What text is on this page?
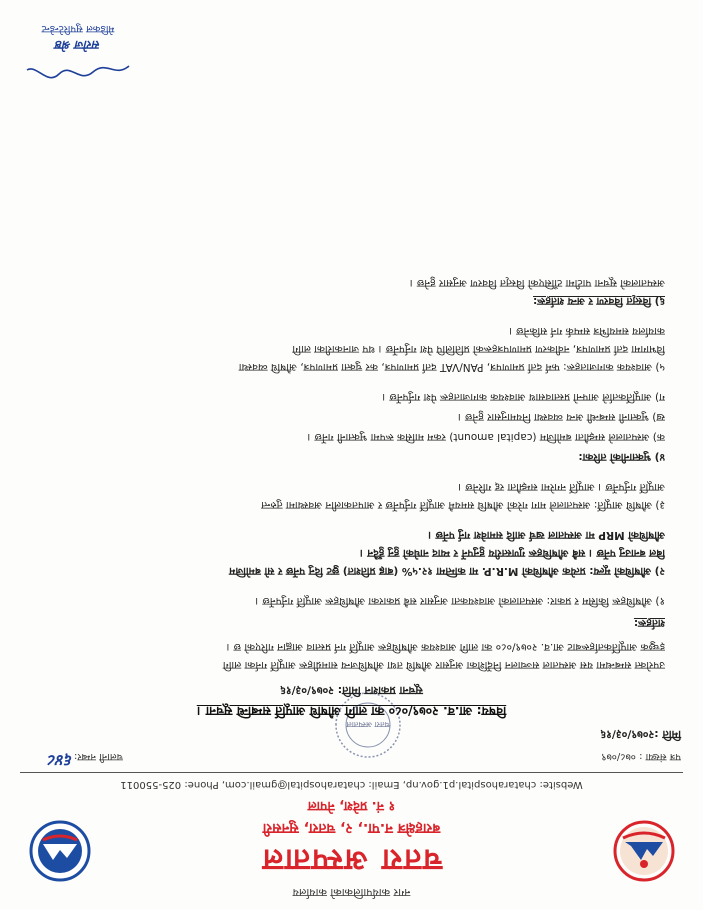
नगर कार्यपालिकाको कार्यालय
चतरा अस्पताल
बराहक्षेत्र न.पा., २, चतरा, सुनसरी
१ नं. प्रदेश, नेपाल
Website: chatarahospital.p1.gov.np, Email: chatarahospital@gmail.com, Phone: 025-550011
पत्र संख्या : ०७८/०७९
चलानी नम्बर:
६४८
मिति :२०७९/०३/१६
चतरा अस्पताल
विषय: आ.व. २०७९/०८० का लागि औषधि आपूर्ति सम्बन्धि सूचना ।
सूचना प्रकाशन मिति: २०७९/०३/१६
उपरोक्त सम्बन्धमा यस अस्पताल सञ्चालन निर्देशिका अनुसार औषधि तथा औषधिजन्य सामग्रीहरू आपूर्ति गर्नका लागि
इच्छुक आपूर्तिकर्ताहरूबाट आ.व. २०७९/०८० का लागि आवश्यक औषधिहरू आपूर्ति गर्न प्रस्ताव आह्वान गरिएको छ ।
शर्तहरू:
१) औषधिहरू किसिम र प्रकार: अस्पतालको आवश्यकता अनुसार सबै प्रकारका औषधिहरू आपूर्ति गर्नुपर्नेछ ।
२) औषधिको मूल्य: प्रत्येक औषधिको M.R.P. मा कम्तिमा १२.५% (बाह्र प्रतिशत) छुट दिनु पर्नेछ र सो बमोजिम
बिल बनाउनु पर्नेछ । सबै औषधिहरू गुणस्तरीय हुनुपर्ने र म्याद नाघेको हुनु हुँदैन ।
औषधिको MRP मा अस्पताल खर्च आदि समावेश गर्नु पर्नेछ ।
३) औषधि आपूर्ति: अस्पतालले माग गरेको औषधि समयमै आपूर्ति गर्नुपर्नेछ र आपतकालीन अवस्थामा तुरुन्त
आपूर्ति गर्नुपर्नेछ । आपूर्ति नगरेमा सम्झौता रद्द गरिनेछ ।
४) भुक्तानीको तरिका:
क) अस्पतालले सम्झौता बमोजिम (capital amount) रकम मासिक रूपमा भुक्तानी गर्नेछ ।
ख) भुक्तानी सम्बन्धी अन्य व्यवस्था नियमानुसार हुनेछ ।
ग) आपूर्तिकर्ताले आफ्नो प्रस्तावसाथ आवश्यक कागजातहरू पेश गर्नुपर्नेछ ।
५) आवश्यक कागजातहरू: फर्म दर्ता प्रमाणपत्र, PAN/VAT दर्ता प्रमाणपत्र, कर चुक्ता प्रमाणपत्र, औषधि व्यवस्था
विभागमा दर्ता प्रमाणपत्र, नवीकरण प्रमाणपत्रहरूको प्रतिलिपि पेश गर्नुपर्नेछ । थप जानकारीका लागि
कार्यालय समयभित्र सम्पर्क गर्न सकिनेछ ।
६) विस्तृत विवरण र अन्य शर्तहरू:
अस्पतालको सूचना पाटीमा टाँसिएको विस्तृत विवरण अनुसार हुनेछ ।
सरोज श्रेष्ठ
मेडिकल सुपरिटेन्डेन्ट
